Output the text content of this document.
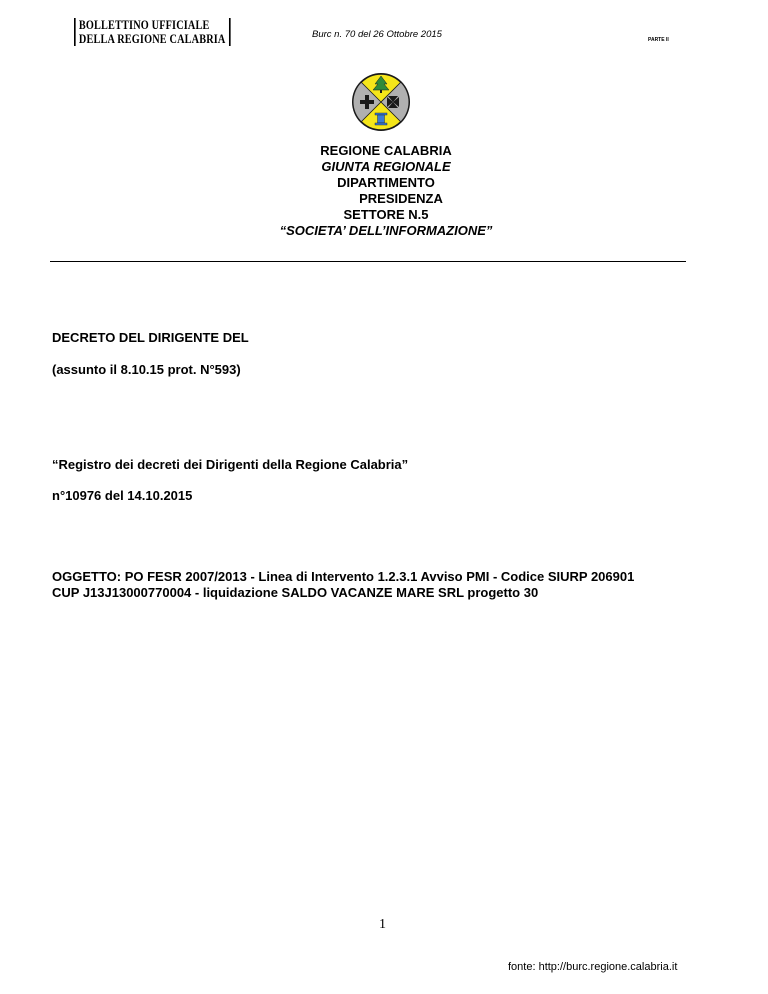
BOLLETTINO UFFICIALE
DELLA REGIONE CALABRIA	Burc n. 70 del 26 Ottobre 2015	PARTE II
REGIONE CALABRIA
GIUNTA REGIONALE
DIPARTIMENTO
PRESIDENZA
SETTORE N.5
“SOCIETA’ DELL’INFORMAZIONE”
DECRETO DEL DIRIGENTE DEL
(assunto il 8.10.15 prot. N°593)
“Registro dei decreti dei Dirigenti della Regione Calabria”
n°10976 del 14.10.2015
OGGETTO: PO FESR 2007/2013 - Linea di Intervento 1.2.3.1 Avviso PMI - Codice SIURP 206901
CUP J13J13000770004 - liquidazione SALDO VACANZE MARE SRL progetto 30
1
fonte: http://burc.regione.calabria.it
